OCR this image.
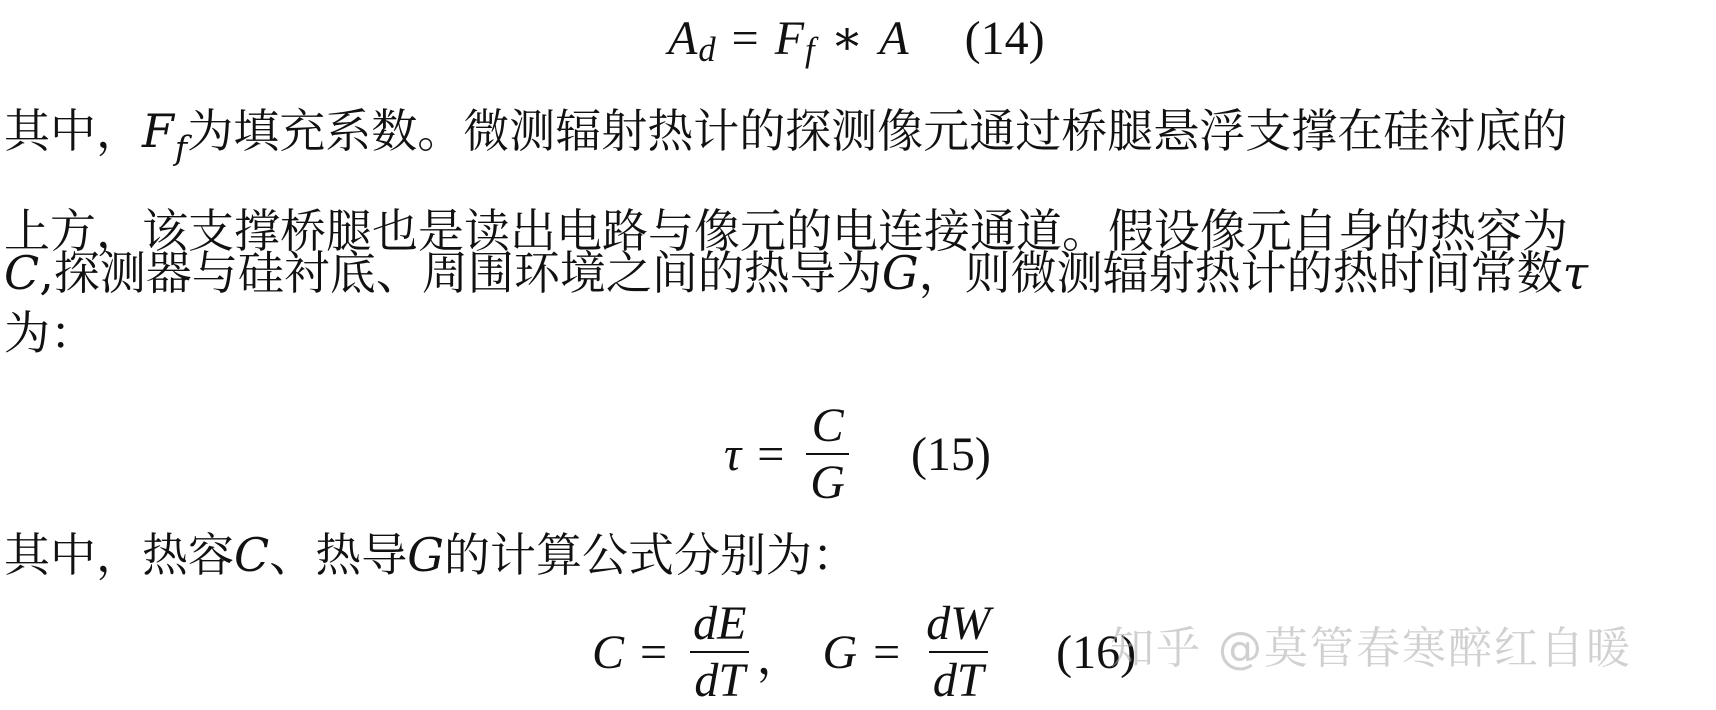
A d = F f ∗ A (14)
其中，$F_f$为填充系数。微测辐射热计的探测像元通过桥腿悬浮支撑在硅衬底的
上方，该支撑桥腿也是读出电路与像元的电连接通道。假设像元自身的热容为
C,探测器与硅衬底、周围环境之间的热导为G，则微测辐射热计的热时间常数τ
为：
$\tau = \frac{C}{G} (15)$
其中，热容C、热导G的计算公式分别为：
$C = \frac{dE}{dT}$ ， $G = \frac{dW}{dT} (16)$
知乎 @莫管春寒醉红自暖
